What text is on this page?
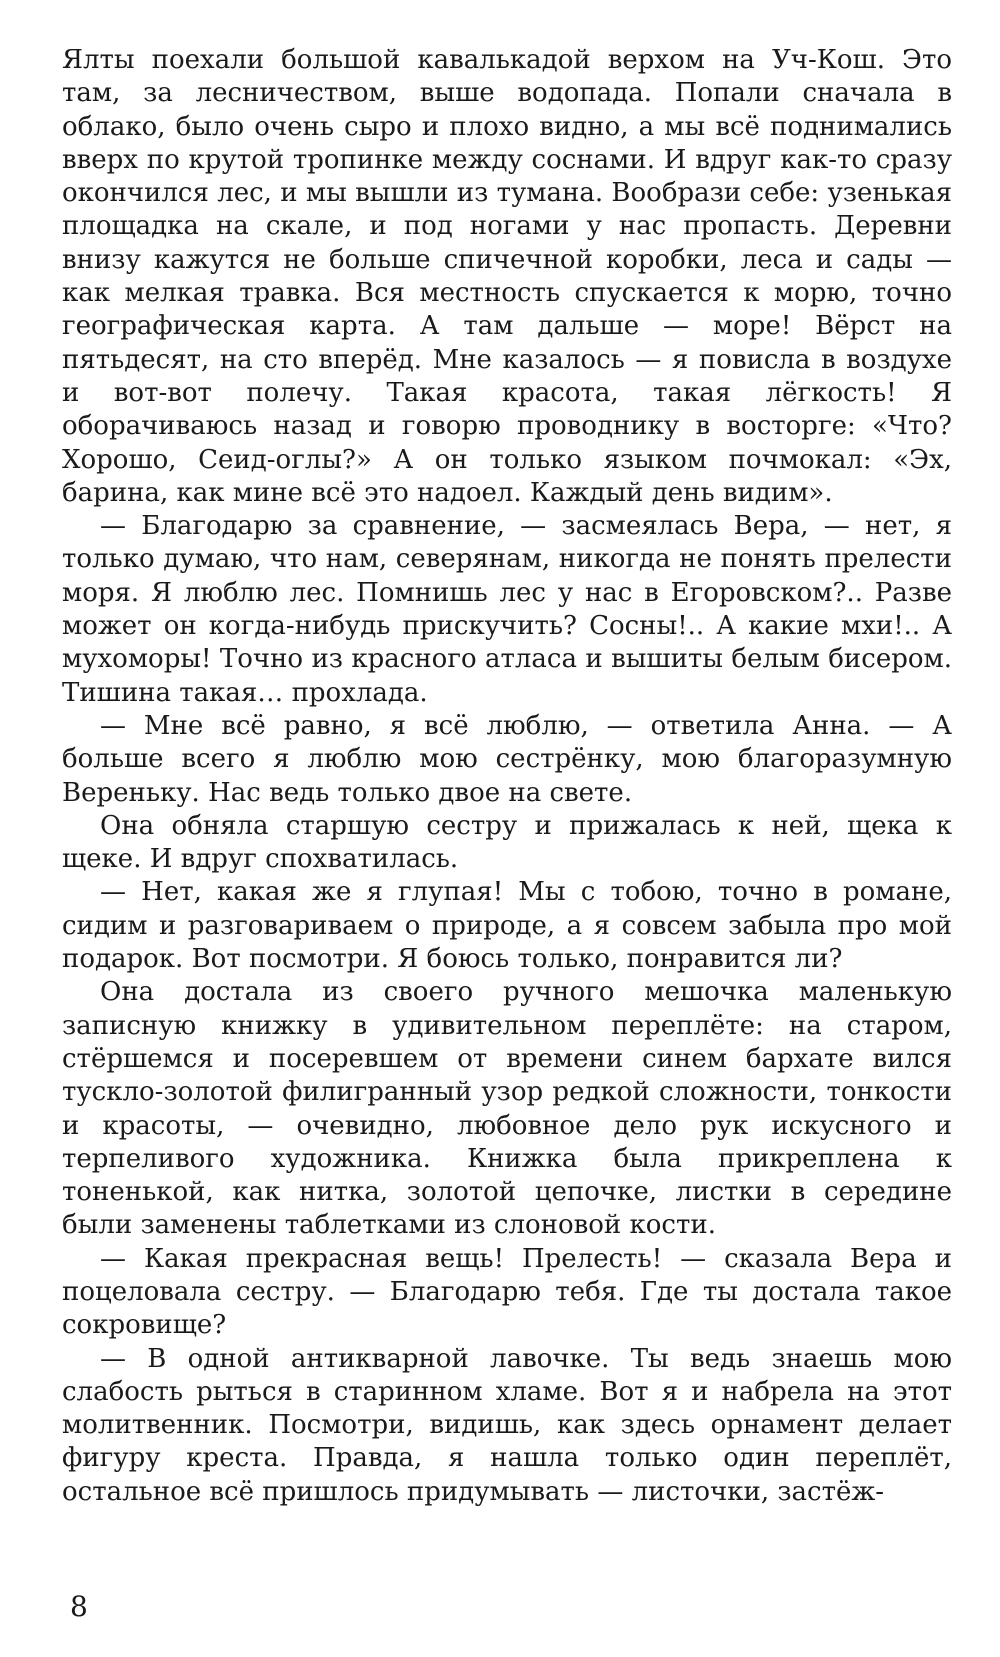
Ялты поехали большой кавалькадой верхом на Уч-Кош. Это там, за лесничеством, выше водопада. Попали сначала в облако, было очень сыро и плохо видно, а мы всё поднимались вверх по крутой тропинке между соснами. И вдруг как-то сразу окончился лес, и мы вышли из тумана. Вообрази себе: узенькая площадка на скале, и под ногами у нас пропасть. Деревни внизу кажутся не больше спичечной коробки, леса и сады — как мелкая травка. Вся местность спускается к морю, точно географическая карта. А там дальше — море! Вёрст на пятьдесят, на сто вперёд. Мне казалось — я повисла в воздухе и вот-вот полечу. Такая красота, такая лёгкость! Я оборачиваюсь назад и говорю проводнику в восторге: «Что? Хорошо, Сеид-оглы?» А он только языком почмокал: «Эх, барина, как мине всё это надоел. Каждый день видим».

— Благодарю за сравнение, — засмеялась Вера, — нет, я только думаю, что нам, северянам, никогда не понять прелести моря. Я люблю лес. Помнишь лес у нас в Егоровском?.. Разве может он когда-нибудь прискучить? Сосны!.. А какие мхи!.. А мухоморы! Точно из красного атласа и вышиты белым бисером. Тишина такая… прохлада.

— Мне всё равно, я всё люблю, — ответила Анна. — А больше всего я люблю мою сестрёнку, мою благоразумную Вереньку. Нас ведь только двое на свете.

Она обняла старшую сестру и прижалась к ней, щека к щеке. И вдруг спохватилась.

— Нет, какая же я глупая! Мы с тобою, точно в романе, сидим и разговариваем о природе, а я совсем забыла про мой подарок. Вот посмотри. Я боюсь только, понравится ли?

Она достала из своего ручного мешочка маленькую записную книжку в удивительном переплёте: на старом, стёршемся и посеревшем от времени синем бархате вился тускло-золотой филигранный узор редкой сложности, тонкости и красоты, — очевидно, любовное дело рук искусного и терпеливого художника. Книжка была прикреплена к тоненькой, как нитка, золотой цепочке, листки в середине были заменены таблетками из слоновой кости.

— Какая прекрасная вещь! Прелесть! — сказала Вера и поцеловала сестру. — Благодарю тебя. Где ты достала такое сокровище?

— В одной антикварной лавочке. Ты ведь знаешь мою слабость рыться в старинном хламе. Вот я и набрела на этот молитвенник. Посмотри, видишь, как здесь орнамент делает фигуру креста. Правда, я нашла только один переплёт, остальное всё пришлось придумывать — листочки, застёж-

8
